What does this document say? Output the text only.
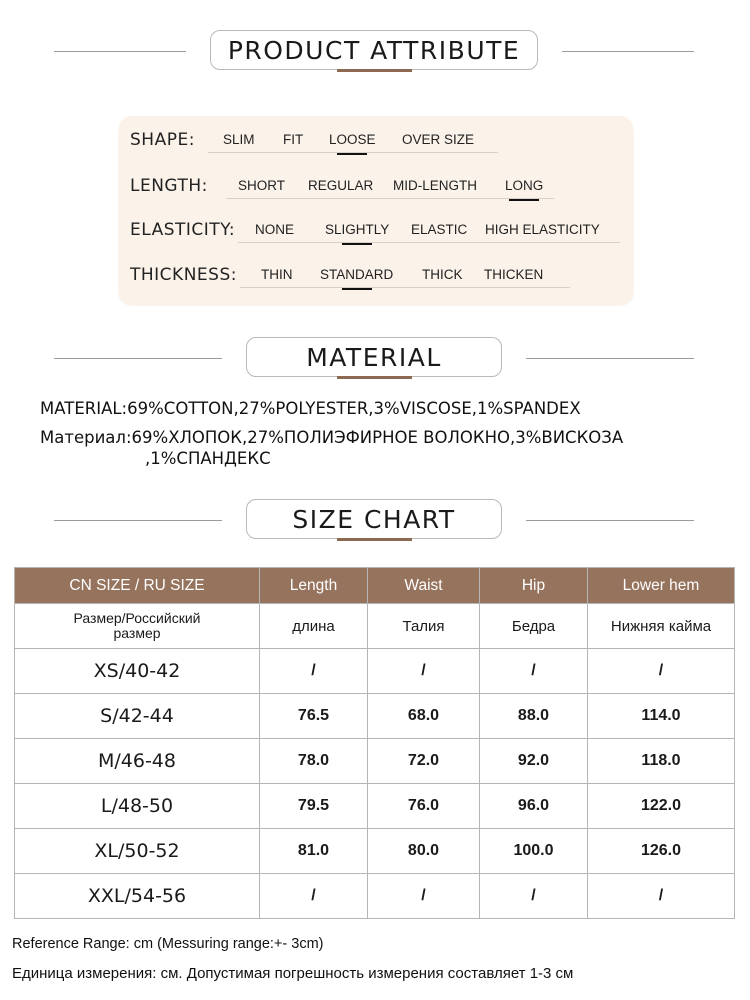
PRODUCT ATTRIBUTE
SHAPE: SLIM FIT LOOSE OVER SIZE
LENGTH: SHORT REGULAR MID-LENGTH LONG
ELASTICITY: NONE SLIGHTLY ELASTIC HIGH ELASTICITY
THICKNESS: THIN STANDARD THICK THICKEN
MATERIAL
MATERIAL:69%COTTON,27%POLYESTER,3%VISCOSE,1%SPANDEX
Материал:69%ХЛОПОК,27%ПОЛИЭФИРНОЕ ВОЛОКНО,3%ВИСКОЗА
,1%СПАНДЕКС
SIZE CHART
CN SIZE / RU SIZE	Length	Waist	Hip	Lower hem
Размер/Российский размер	длина	Талия	Бедра	Нижняя кайма
XS/40-42	/	/	/	/
S/42-44	76.5	68.0	88.0	114.0
M/46-48	78.0	72.0	92.0	118.0
L/48-50	79.5	76.0	96.0	122.0
XL/50-52	81.0	80.0	100.0	126.0
XXL/54-56	/	/	/	/
Reference Range: cm (Messuring range:+- 3cm)
Единица измерения: см. Допустимая погрешность измерения составляет 1-3 см
